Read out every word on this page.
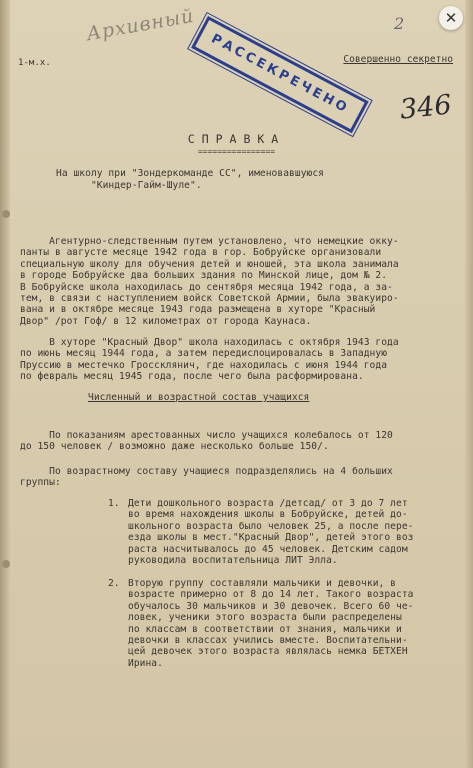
Архивный	2
РАССЕКРЕЧЕНО	346
1-м.х.	Совершенно секретно
СПРАВКА
================
На школу при "Зондеркоманде СС", именовавшуюся
"Киндер-Гайм-Шуле".
Агентурно-следственным путем установлено, что немецкие окку-
панты в августе месяце 1942 года в гор. Бобруйске организовали
специальную школу для обучения детей и юношей, эта школа занимала
в городе Бобруйске два больших здания по Минской лице, дом № 2.
В Бобруйске школа находилась до сентября месяца 1942 года, а за-
тем, в связи с наступлением войск Советской Армии, была эвакуиро-
вана и в октябре месяце 1943 года размещена в хуторе "Красный
Двор" /рот Гоф/ в 12 километрах от города Каунаса.
В хуторе "Красный Двор" школа находилась с октября 1943 года
по июнь месяц 1944 года, а затем передислоцировалась в Западную
Пруссию в местечко Гроссклянич, где находилась с июня 1944 года
по февраль месяц 1945 года, после чего была расформирована.
Численный и возрастной состав учащихся
По показаниям арестованных число учащихся колебалось от 120
до 150 человек / возможно даже несколько больше 150/.
По возрастному составу учащиеся подразделялись на 4 больших
группы:
1. Дети дошкольного возраста /детсад/ от 3 до 7 лет
во время нахождения школы в Бобруйске, детей до-
школьного возраста было человек 25, а после пере-
езда школы в мест."Красный Двор", детей этого воз
раста насчитывалось до 45 человек. Детским садом
руководила воспитательница ЛИТ Элла.
2. Вторую группу составляли мальчики и девочки, в
возрасте примерно от 8 до 14 лет. Такого возраста
обучалось 30 мальчиков и 30 девочек. Всего 60 че-
ловек, ученики этого возраста были распределены
по классам в соответствии от знания, мальчики и
девочки в классах учились вместе. Воспитательни-
цей девочек этого возраста являлась немка БЕТХЕН
Ирина.
✕
